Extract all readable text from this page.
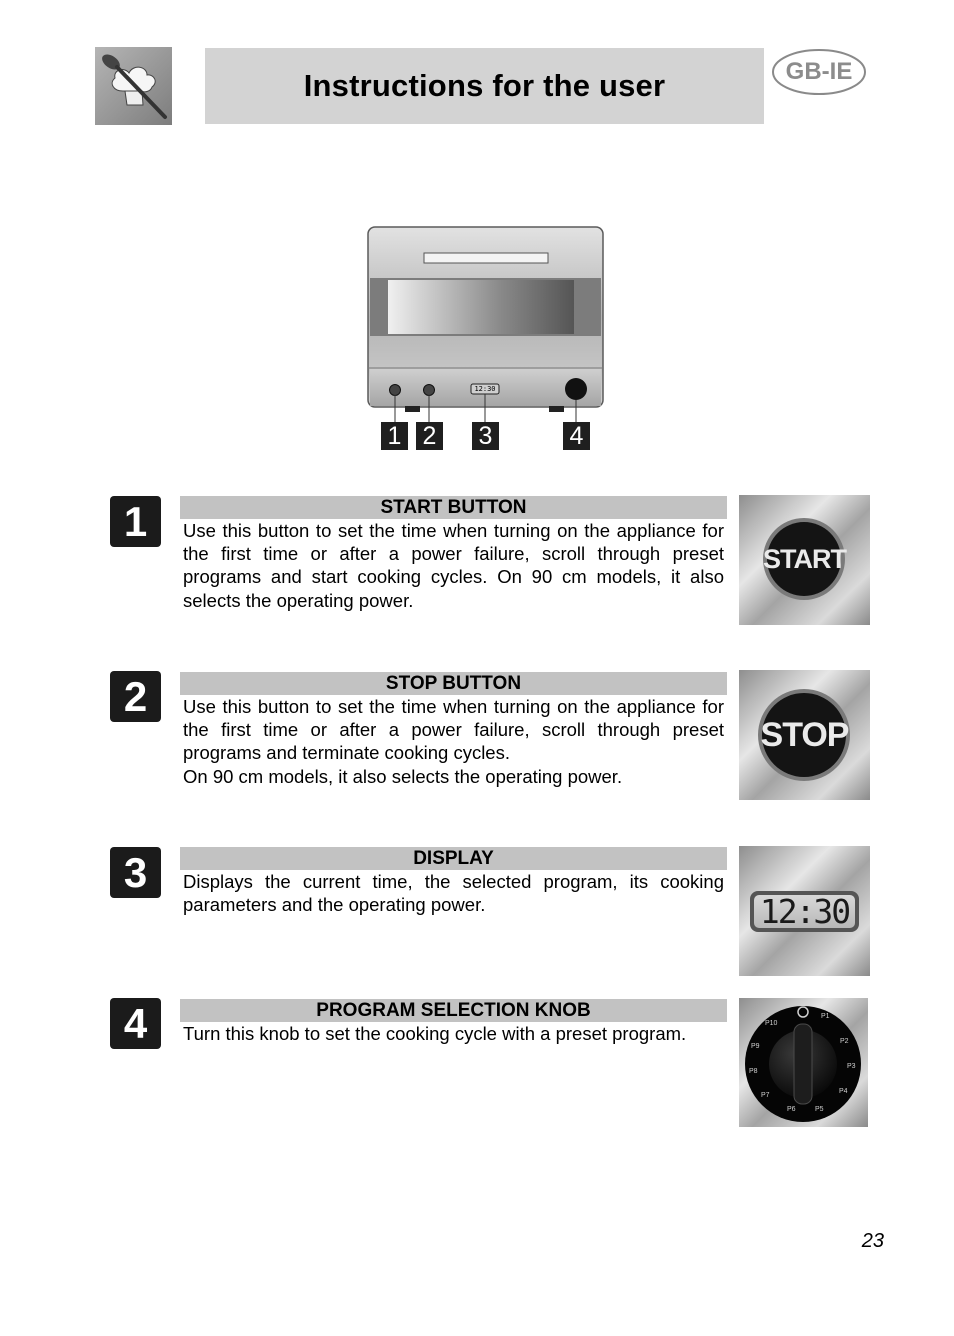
Instructions for the user	GB-IE
12:30
1 2 3	4
1	START BUTTON

Use this button to set the time when turning on the appliance for the first time or after a power failure, scroll through preset programs and start cooking cycles. On 90 cm models, it also selects the operating power.

START
2	STOP BUTTON

Use this button to set the time when turning on the appliance for the first time or after a power failure, scroll through preset programs and terminate cooking cycles.

On 90 cm models, it also selects the operating power.

STOP
3	DISPLAY

Displays the current time, the selected program, its cooking parameters and the operating power.	12:30
4	PROGRAM SELECTION KNOB

Turn this knob to set the cooking cycle with a preset program.

P1
P2
P3
P4
P5
P6
P7
P8
P9
P10
23
